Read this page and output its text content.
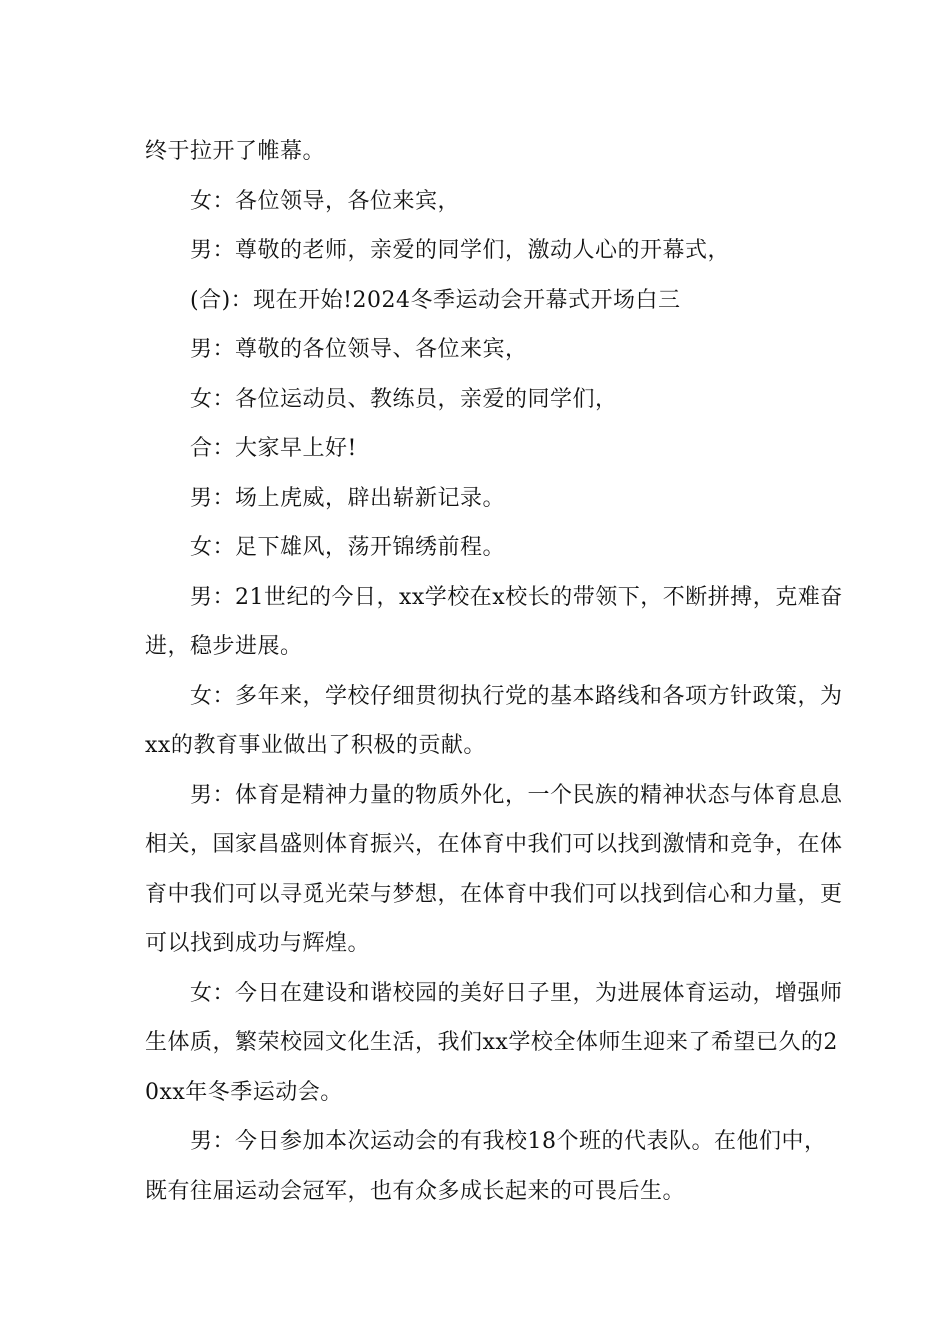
终于拉开了帷幕。

女：各位领导，各位来宾，

男：尊敬的老师，亲爱的同学们，激动人心的开幕式，

(合)：现在开始!2024冬季运动会开幕式开场白三

男：尊敬的各位领导、各位来宾，

女：各位运动员、教练员，亲爱的同学们，

合：大家早上好!

男：场上虎威，辟出崭新记录。

女：足下雄风，荡开锦绣前程。

男：21世纪的今日，xx学校在x校长的带领下，不断拼搏，克难奋进，稳步进展。

女：多年来，学校仔细贯彻执行党的基本路线和各项方针政策，为xx的教育事业做出了积极的贡献。

男：体育是精神力量的物质外化，一个民族的精神状态与体育息息相关，国家昌盛则体育振兴，在体育中我们可以找到激情和竞争，在体育中我们可以寻觅光荣与梦想，在体育中我们可以找到信心和力量，更可以找到成功与辉煌。

女：今日在建设和谐校园的美好日子里，为进展体育运动，增强师生体质，繁荣校园文化生活，我们xx学校全体师生迎来了希望已久的20xx年冬季运动会。

男：今日参加本次运动会的有我校18个班的代表队。在他们中，既有往届运动会冠军，也有众多成长起来的可畏后生。
